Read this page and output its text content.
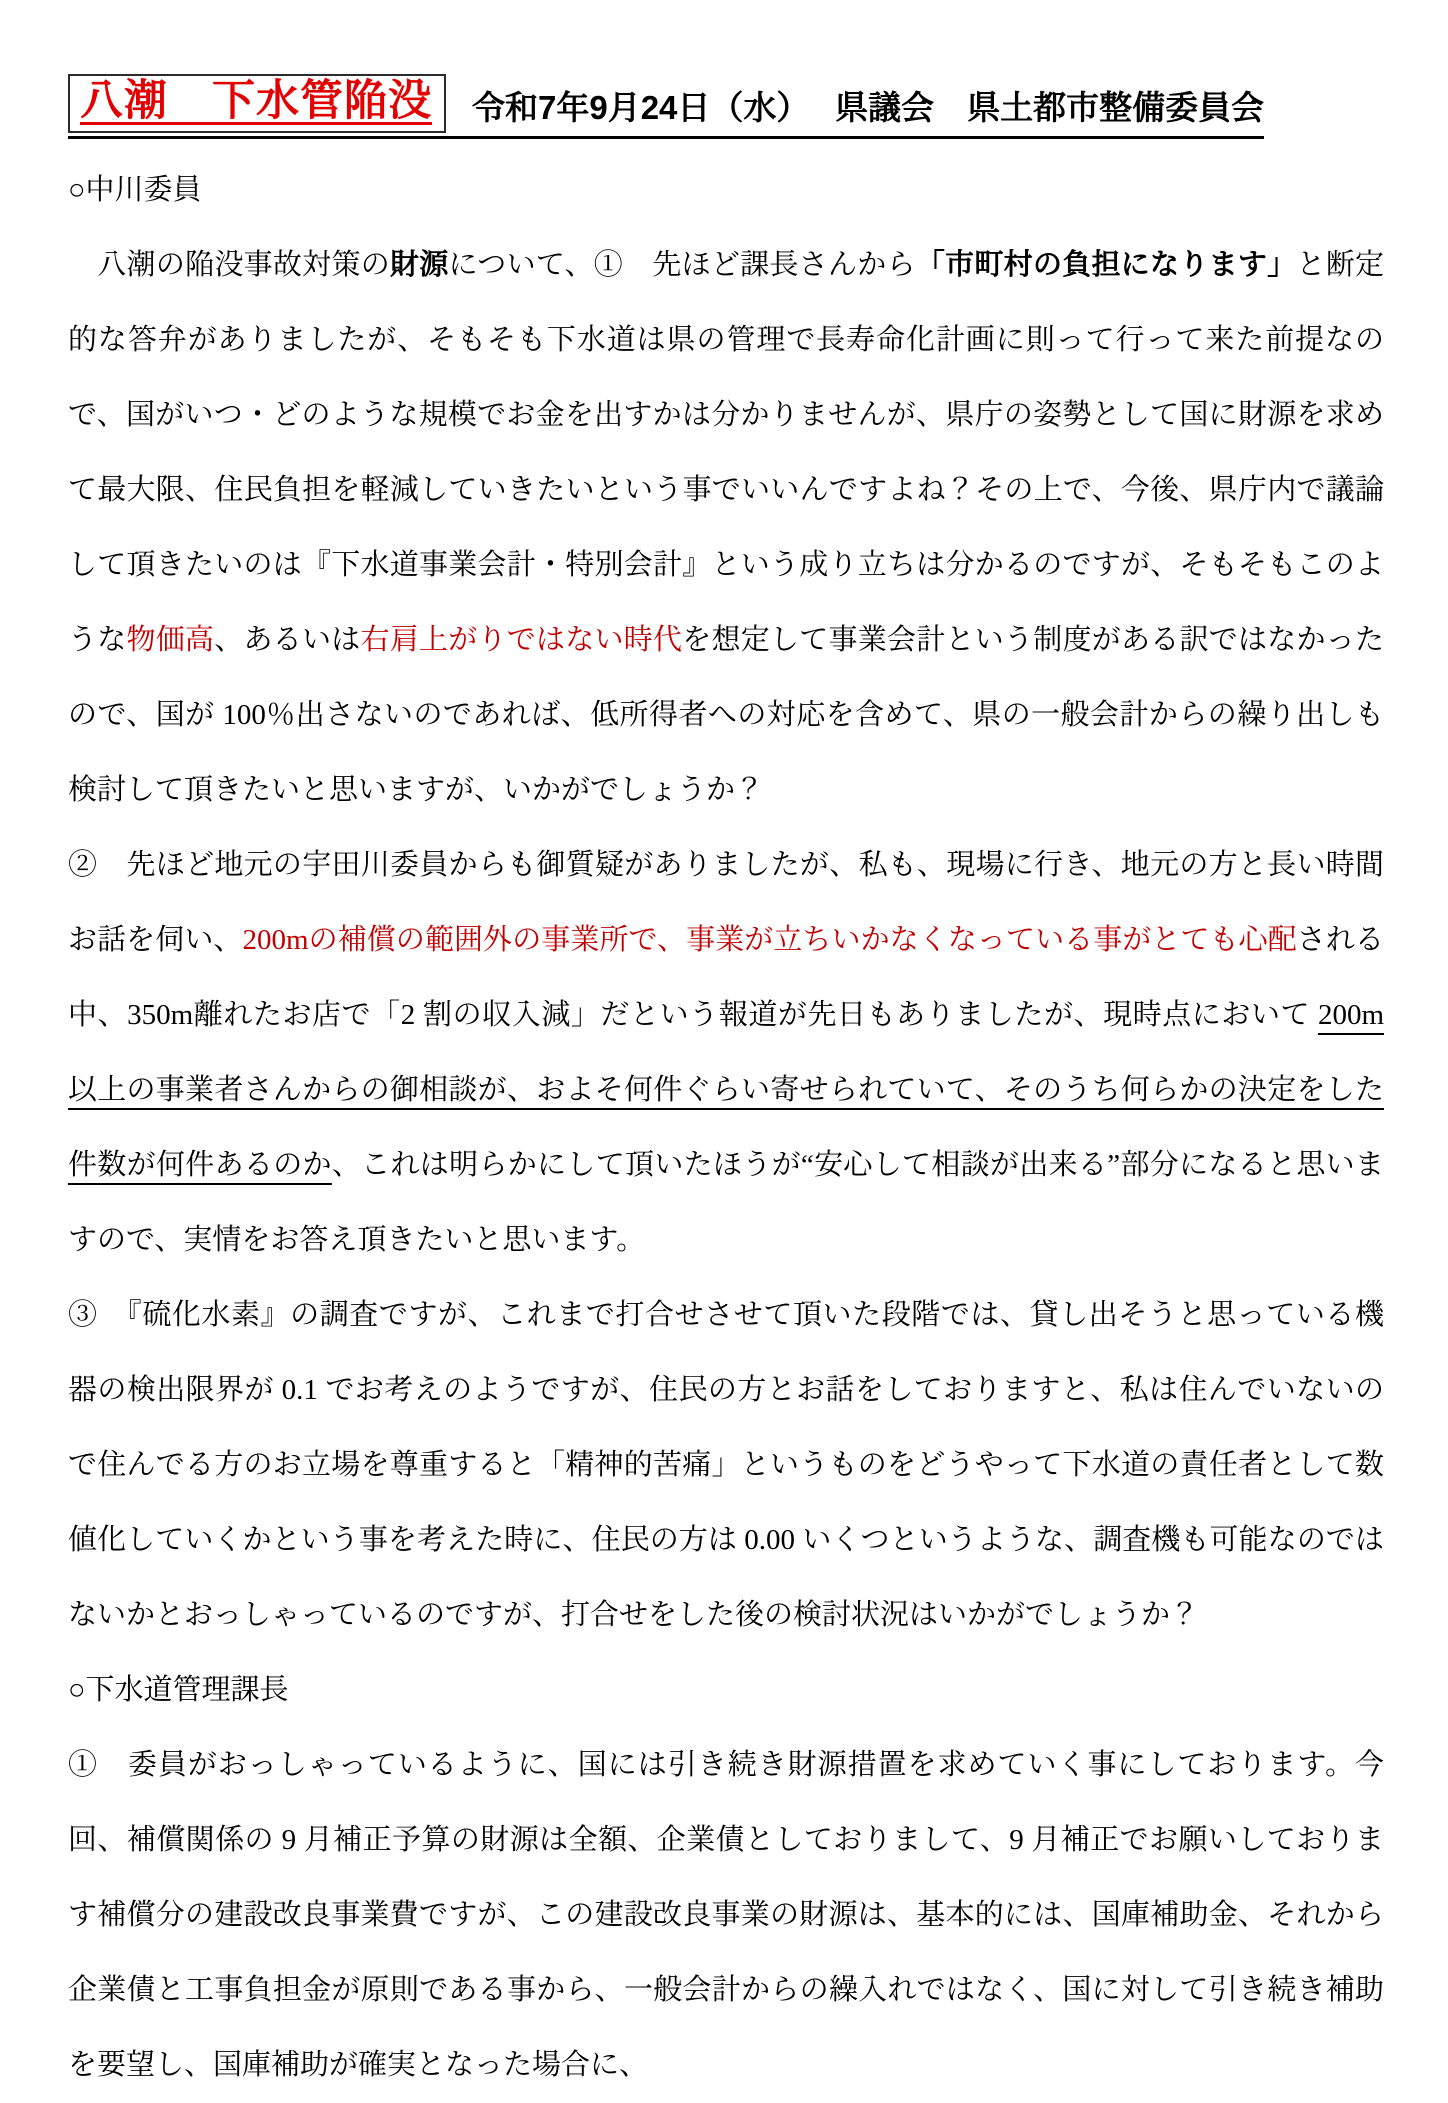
八潮　下水管陥没	令和7年9月24日（水）　 県議会　県土都市整備委員会

○中川委員

　八潮の陥没事故対策の財源について、①　先ほど課長さんから「市町村の負担になります」と断定的な答弁がありましたが、そもそも下水道は県の管理で長寿命化計画に則って行って来た前提なので、国がいつ・どのような規模でお金を出すかは分かりませんが、県庁の姿勢として国に財源を求めて最大限、住民負担を軽減していきたいという事でいいんですよね？その上で、今後、県庁内で議論して頂きたいのは『下水道事業会計・特別会計』という成り立ちは分かるのですが、そもそもこのような物価高、あるいは右肩上がりではない時代を想定して事業会計という制度がある訳ではなかったので、国が 100％出さないのであれば、低所得者への対応を含めて、県の一般会計からの繰り出しも検討して頂きたいと思いますが、いかがでしょうか？

②　先ほど地元の宇田川委員からも御質疑がありましたが、私も、現場に行き、地元の方と長い時間お話を伺い、200mの補償の範囲外の事業所で、事業が立ちいかなくなっている事がとても心配される中、350m離れたお店で「2 割の収入減」だという報道が先日もありましたが、現時点において 200m以上の事業者さんからの御相談が、およそ何件ぐらい寄せられていて、そのうち何らかの決定をした件数が何件あるのか、これは明らかにして頂いたほうが“安心して相談が出来る”部分になると思いますので、実情をお答え頂きたいと思います。

③　『硫化水素』の調査ですが、これまで打合せさせて頂いた段階では、貸し出そうと思っている機器の検出限界が 0.1 でお考えのようですが、住民の方とお話をしておりますと、私は住んでいないので住んでる方のお立場を尊重すると「精神的苦痛」というものをどうやって下水道の責任者として数値化していくかという事を考えた時に、住民の方は 0.00 いくつというような、調査機も可能なのではないかとおっしゃっているのですが、打合せをした後の検討状況はいかがでしょうか？

○下水道管理課長

①　委員がおっしゃっているように、国には引き続き財源措置を求めていく事にしております。今回、補償関係の 9 月補正予算の財源は全額、企業債としておりまして、9 月補正でお願いしております補償分の建設改良事業費ですが、この建設改良事業の財源は、基本的には、国庫補助金、それから企業債と工事負担金が原則である事から、一般会計からの繰入れではなく、国に対して引き続き補助を要望し、国庫補助が確実となった場合に、
